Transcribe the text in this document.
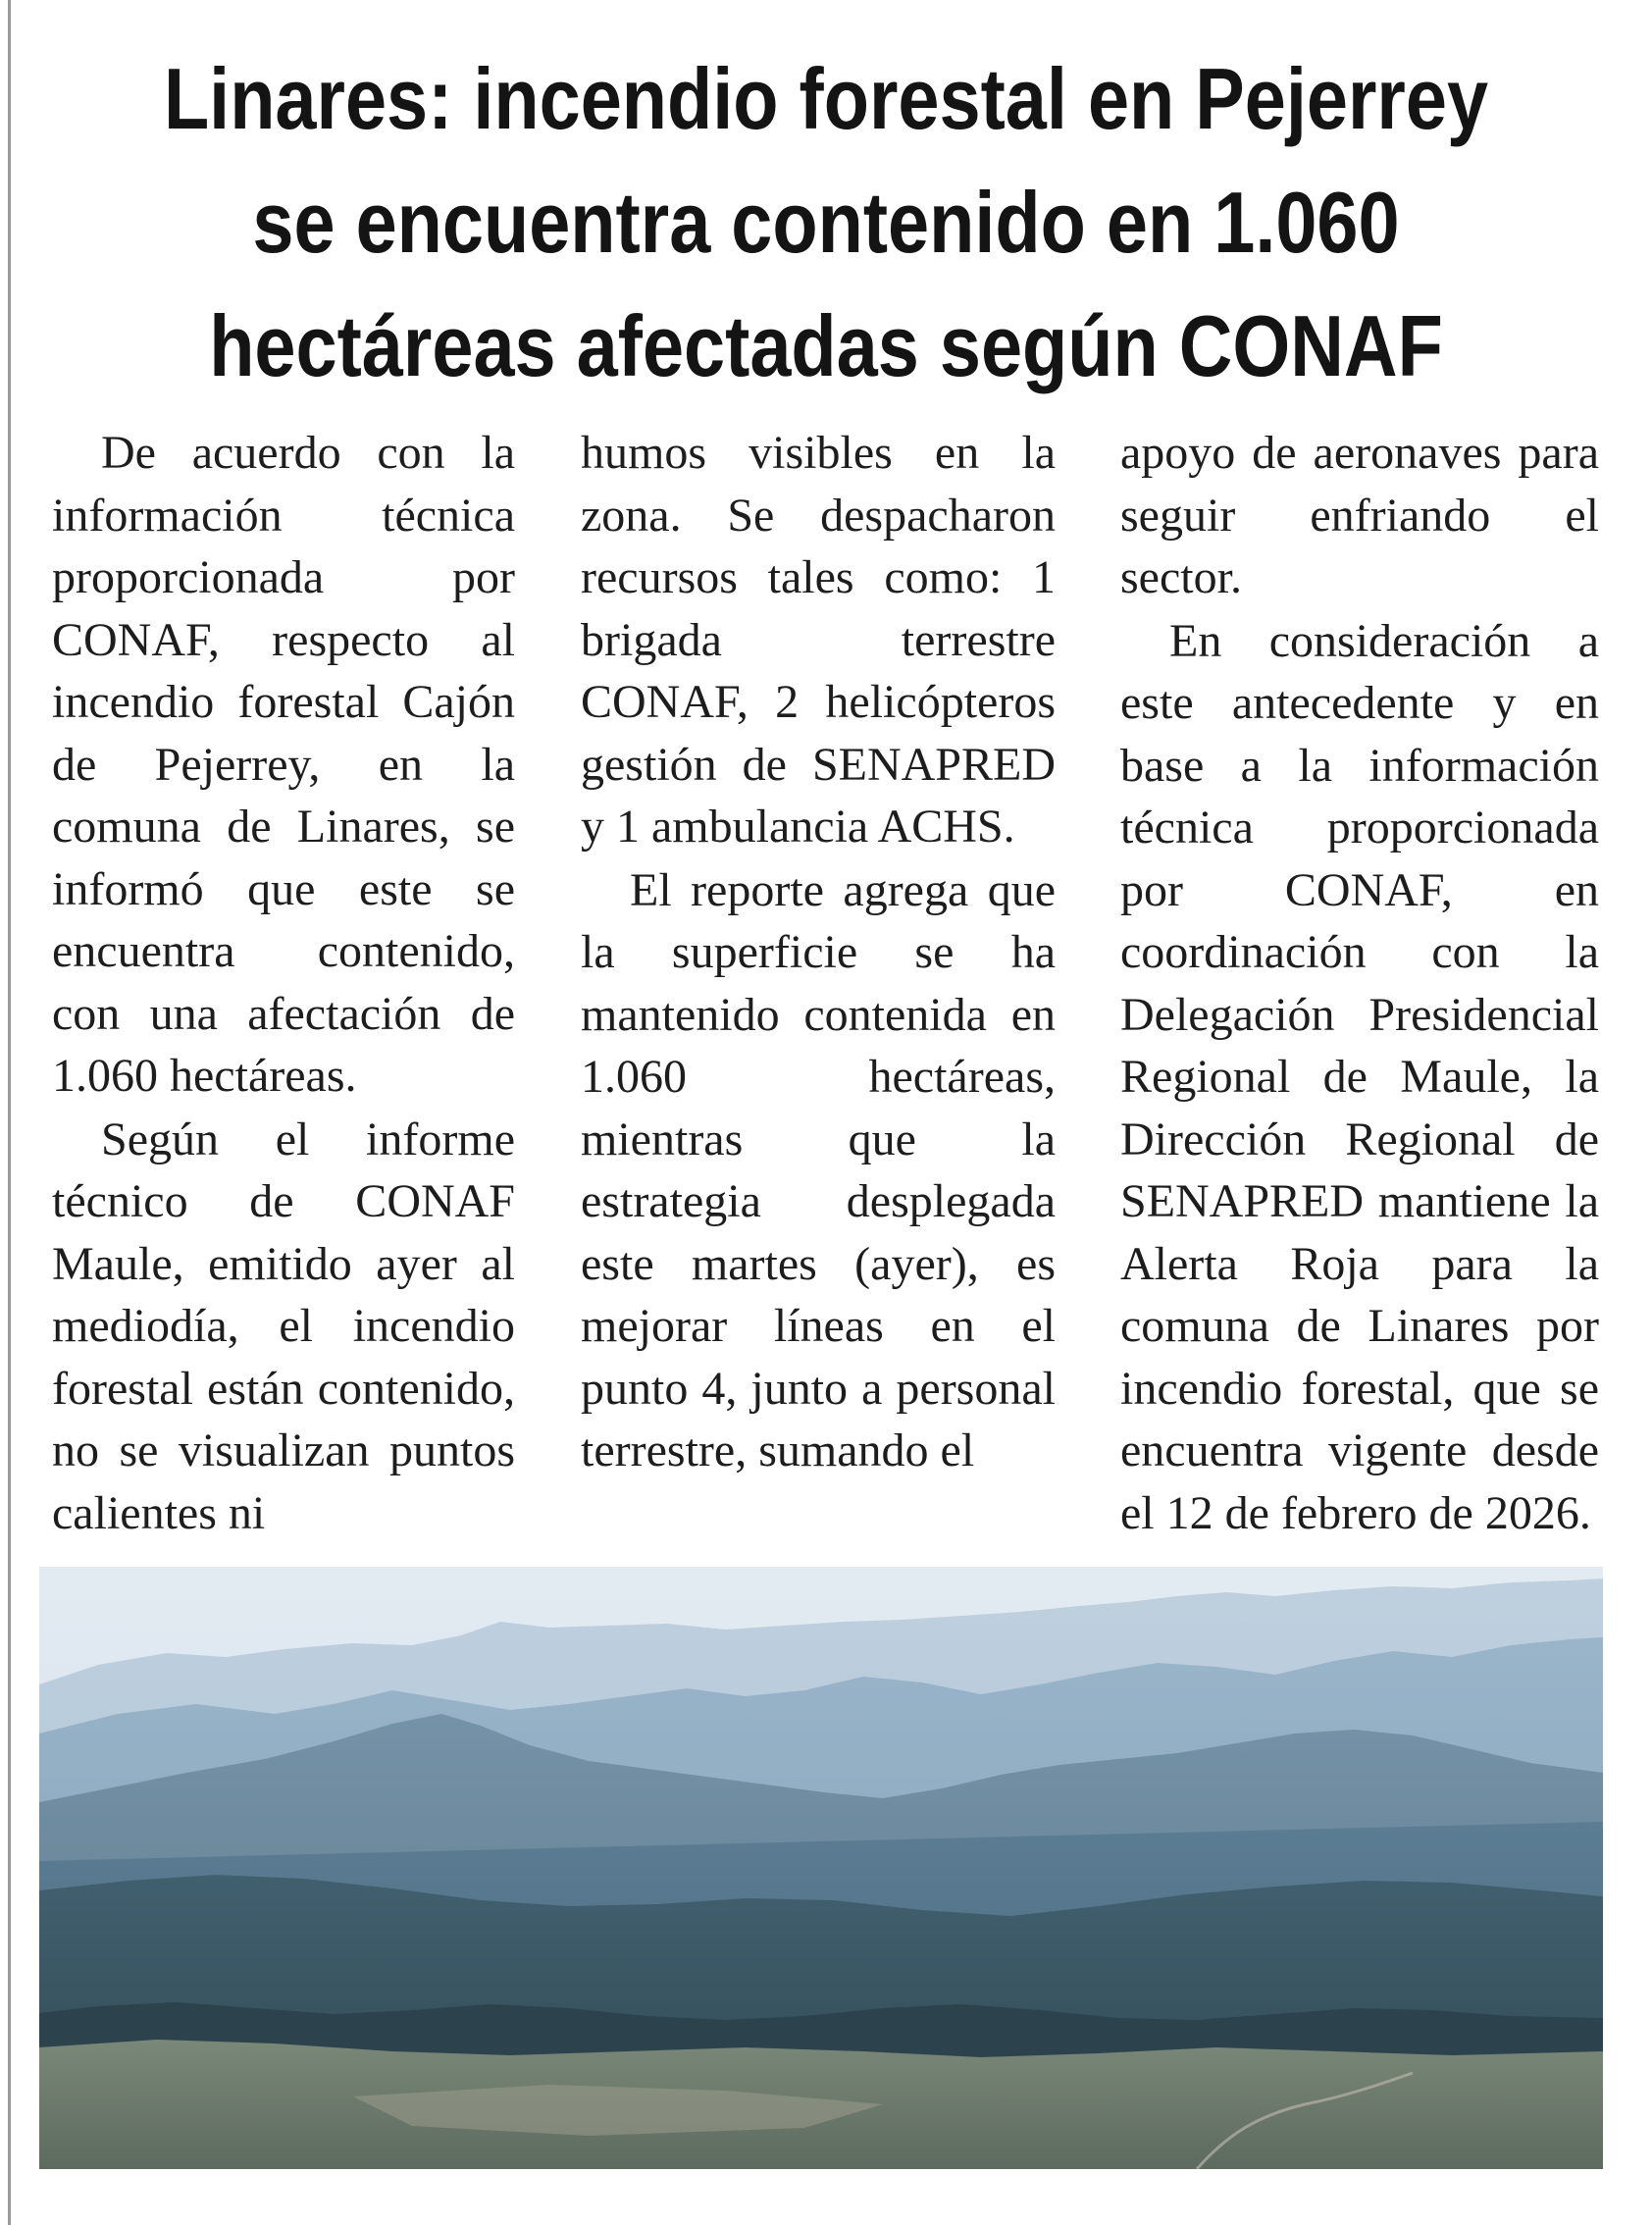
Linares: incendio forestal en Pejerrey
se encuentra contenido en 1.060
hectáreas afectadas según CONAF

De acuerdo con la información técnica proporcionada por CONAF, respecto al incendio forestal Cajón de Pejerrey, en la comuna de Linares, se informó que este se encuentra contenido, con una afectación de 1.060 hectáreas.

Según el informe técnico de CONAF Maule, emitido ayer al mediodía, el incendio forestal están contenido, no se visualizan puntos calientes ni

humos visibles en la zona. Se despacharon recursos tales como: 1 brigada terrestre CONAF, 2 helicópteros gestión de SENAPRED y 1 ambulancia ACHS.

El reporte agrega que la superficie se ha mantenido contenida en 1.060 hectáreas, mientras que la estrategia desplegada este martes (ayer), es mejorar líneas en el punto 4, junto a personal terrestre, sumando el

apoyo de aeronaves para seguir enfriando el sector.

En consideración a este antecedente y en base a la información técnica proporcionada por CONAF, en coordinación con la Delegación Presidencial Regional de Maule, la Dirección Regional de SENAPRED mantiene la Alerta Roja para la comuna de Linares por incendio forestal, que se encuentra vigente desde el 12 de febrero de 2026.
